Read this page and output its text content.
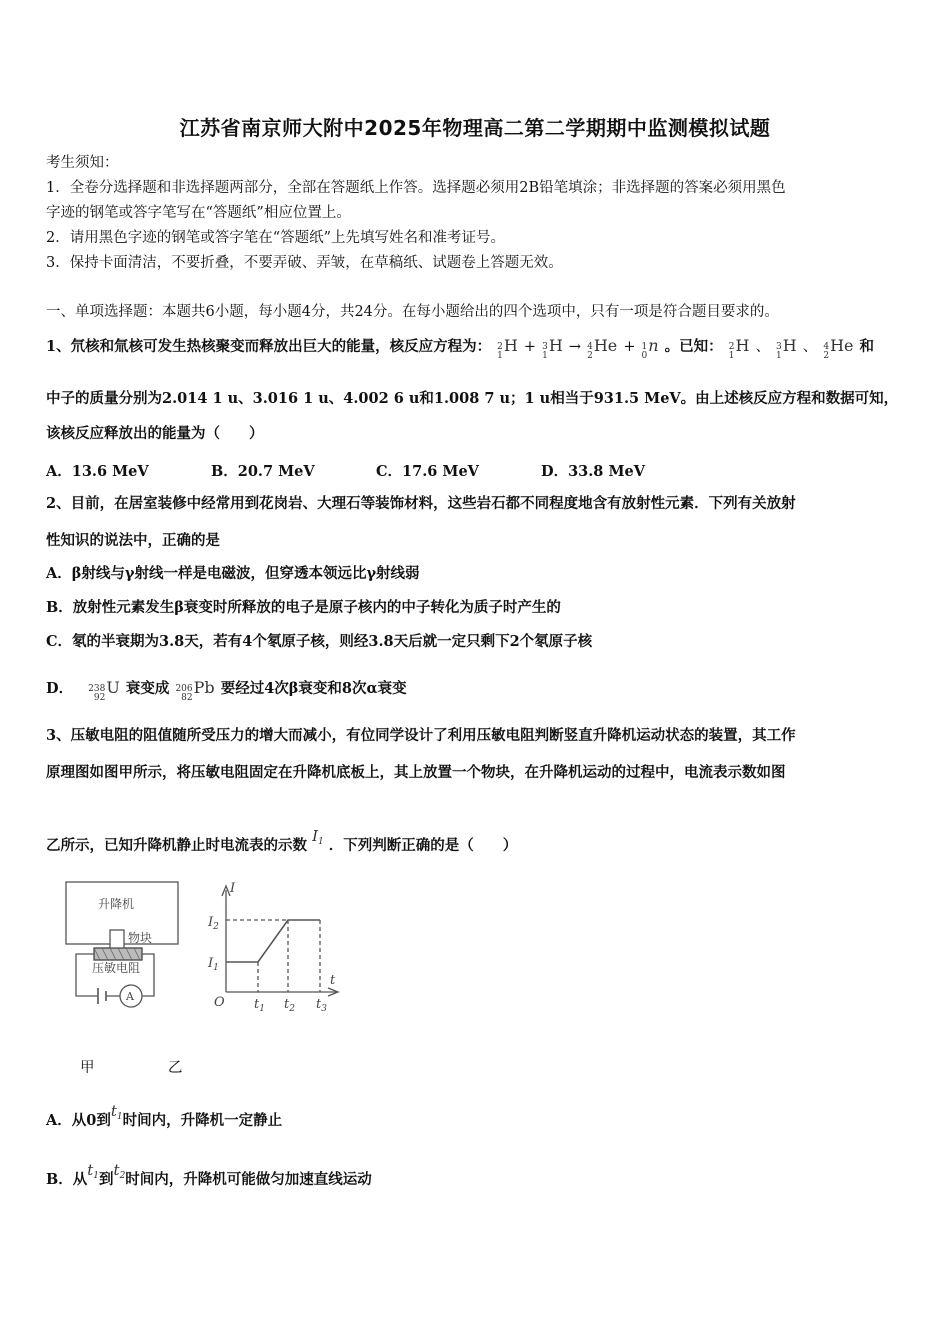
江苏省南京师大附中2025年物理高二第二学期期中监测模拟试题
考生须知：
1．全卷分选择题和非选择题两部分，全部在答题纸上作答。选择题必须用2B铅笔填涂；非选择题的答案必须用黑色
字迹的钢笔或答字笔写在“答题纸”相应位置上。
2．请用黑色字迹的钢笔或答字笔在“答题纸”上先填写姓名和准考证号。
3．保持卡面清洁，不要折叠，不要弄破、弄皱，在草稿纸、试题卷上答题无效。
一、单项选择题：本题共6小题，每小题4分，共24分。在每小题给出的四个选项中，只有一项是符合题目要求的。
1、氘核和氚核可发生热核聚变而释放出巨大的能量，核反应方程为： 2
1
H + 3
1
H → 4
2
He + 1
0
n 。已知： 2
1
H 、 3
1
H 、 4
2
He 和
中子的质量分别为2.014 1 u、3.016 1 u、4.002 6 u和1.008 7 u；1 u相当于931.5 MeV。由上述核反应方程和数据可知，
该核反应释放出的能量为（　　）
A．13.6 MeV	B．20.7 MeV	C．17.6 MeV	D．33.8 MeV
2、目前，在居室装修中经常用到花岗岩、大理石等装饰材料，这些岩石都不同程度地含有放射性元素．下列有关放射
性知识的说法中，正确的是
A．β射线与γ射线一样是电磁波，但穿透本领远比γ射线弱
B．放射性元素发生β衰变时所释放的电子是原子核内的中子转化为质子时产生的
C．氡的半衰期为3.8天，若有4个氡原子核，则经3.8天后就一定只剩下2个氡原子核
D． 238
92
U 衰变成 206
82
Pb 要经过4次β衰变和8次α衰变
3、压敏电阻的阻值随所受压力的增大而减小，有位同学设计了利用压敏电阻判断竖直升降机运动状态的装置，其工作
原理图如图甲所示，将压敏电阻固定在升降机底板上，其上放置一个物块，在升降机运动的过程中，电流表示数如图
乙所示，已知升降机静止时电流表的示数 $I_1$ ．下列判断正确的是（　　）
升降机
物块
压敏电阻
A
I
t
O
$I_2$
$I_1$
$t_1$ $t_2$ $t_3$
甲	乙
A．从0到$t_1$时间内，升降机一定静止
B．从$t_1$到$t_2$时间内，升降机可能做匀加速直线运动
